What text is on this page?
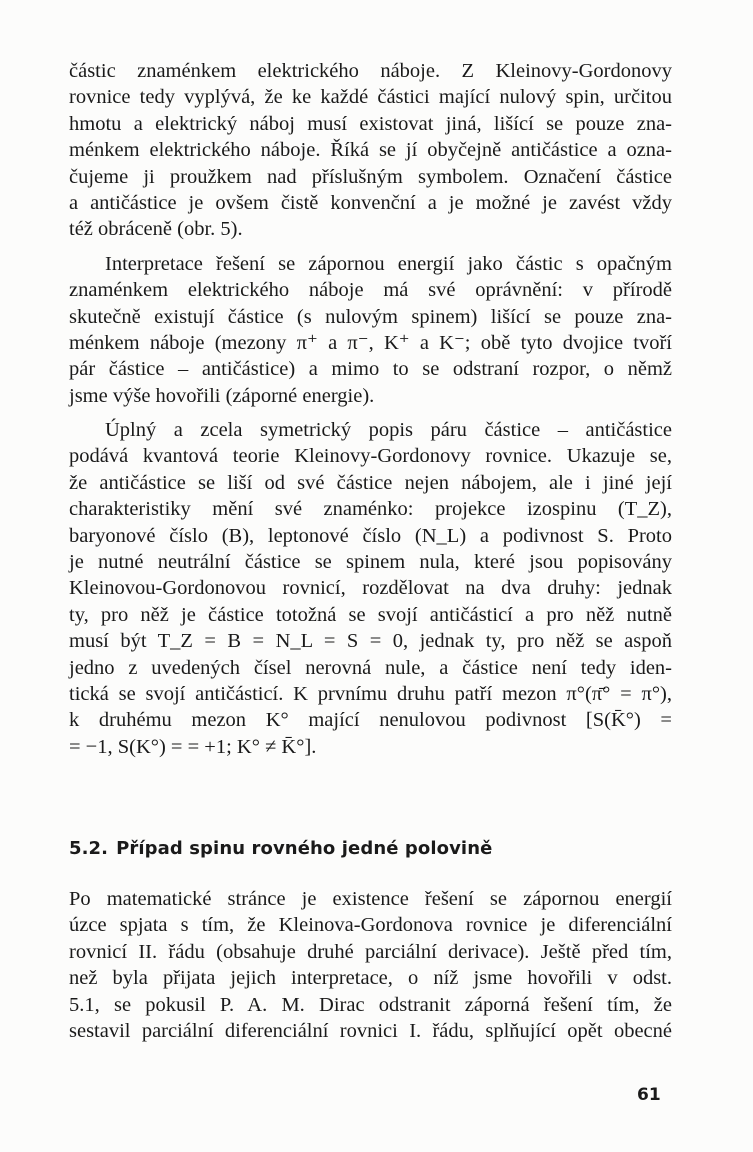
částic znaménkem elektrického náboje. Z Kleinovy-Gordonovy
rovnice tedy vyplývá, že ke každé částici mající nulový spin, určitou
hmotu a elektrický náboj musí existovat jiná, lišící se pouze zna-
ménkem elektrického náboje. Říká se jí obyčejně antičástice a ozna-
čujeme ji proužkem nad příslušným symbolem. Označení částice
a antičástice je ovšem čistě konvenční a je možné je zavést vždy
též obráceně (obr. 5).

Interpretace řešení se zápornou energií jako částic s opačným
znaménkem elektrického náboje má své oprávnění: v přírodě
skutečně existují částice (s nulovým spinem) lišící se pouze zna-
ménkem náboje (mezony π⁺ a π⁻, K⁺ a K⁻; obě tyto dvojice tvoří
pár částice – antičástice) a mimo to se odstraní rozpor, o němž
jsme výše hovořili (záporné energie).

Úplný a zcela symetrický popis páru částice – antičástice
podává kvantová teorie Kleinovy-Gordonovy rovnice. Ukazuje se,
že antičástice se liší od své částice nejen nábojem, ale i jiné její
charakteristiky mění své znaménko: projekce izospinu (T_Z),
baryonové číslo (B), leptonové číslo (N_L) a podivnost S. Proto
je nutné neutrální částice se spinem nula, které jsou popisovány
Kleinovou-Gordonovou rovnicí, rozdělovat na dva druhy: jednak
ty, pro něž je částice totožná se svojí antičásticí a pro něž nutně
musí být T_Z = B = N_L = S = 0, jednak ty, pro něž se aspoň
jedno z uvedených čísel nerovná nule, a částice není tedy iden-
tická se svojí antičásticí. K prvnímu druhu patří mezon π°(π̄° = π°),
k druhému mezon K° mající nenulovou podivnost [S(K̄°) =
= −1, S(K°) = = +1; K° ≠ K̄°].

5.2. Případ spinu rovného jedné polovině

Po matematické stránce je existence řešení se zápornou energií
úzce spjata s tím, že Kleinova-Gordonova rovnice je diferenciální
rovnicí II. řádu (obsahuje druhé parciální derivace). Ještě před tím,
než byla přijata jejich interpretace, o níž jsme hovořili v odst.
5.1, se pokusil P. A. M. Dirac odstranit záporná řešení tím, že
sestavil parciální diferenciální rovnici I. řádu, splňující opět obecné

61
